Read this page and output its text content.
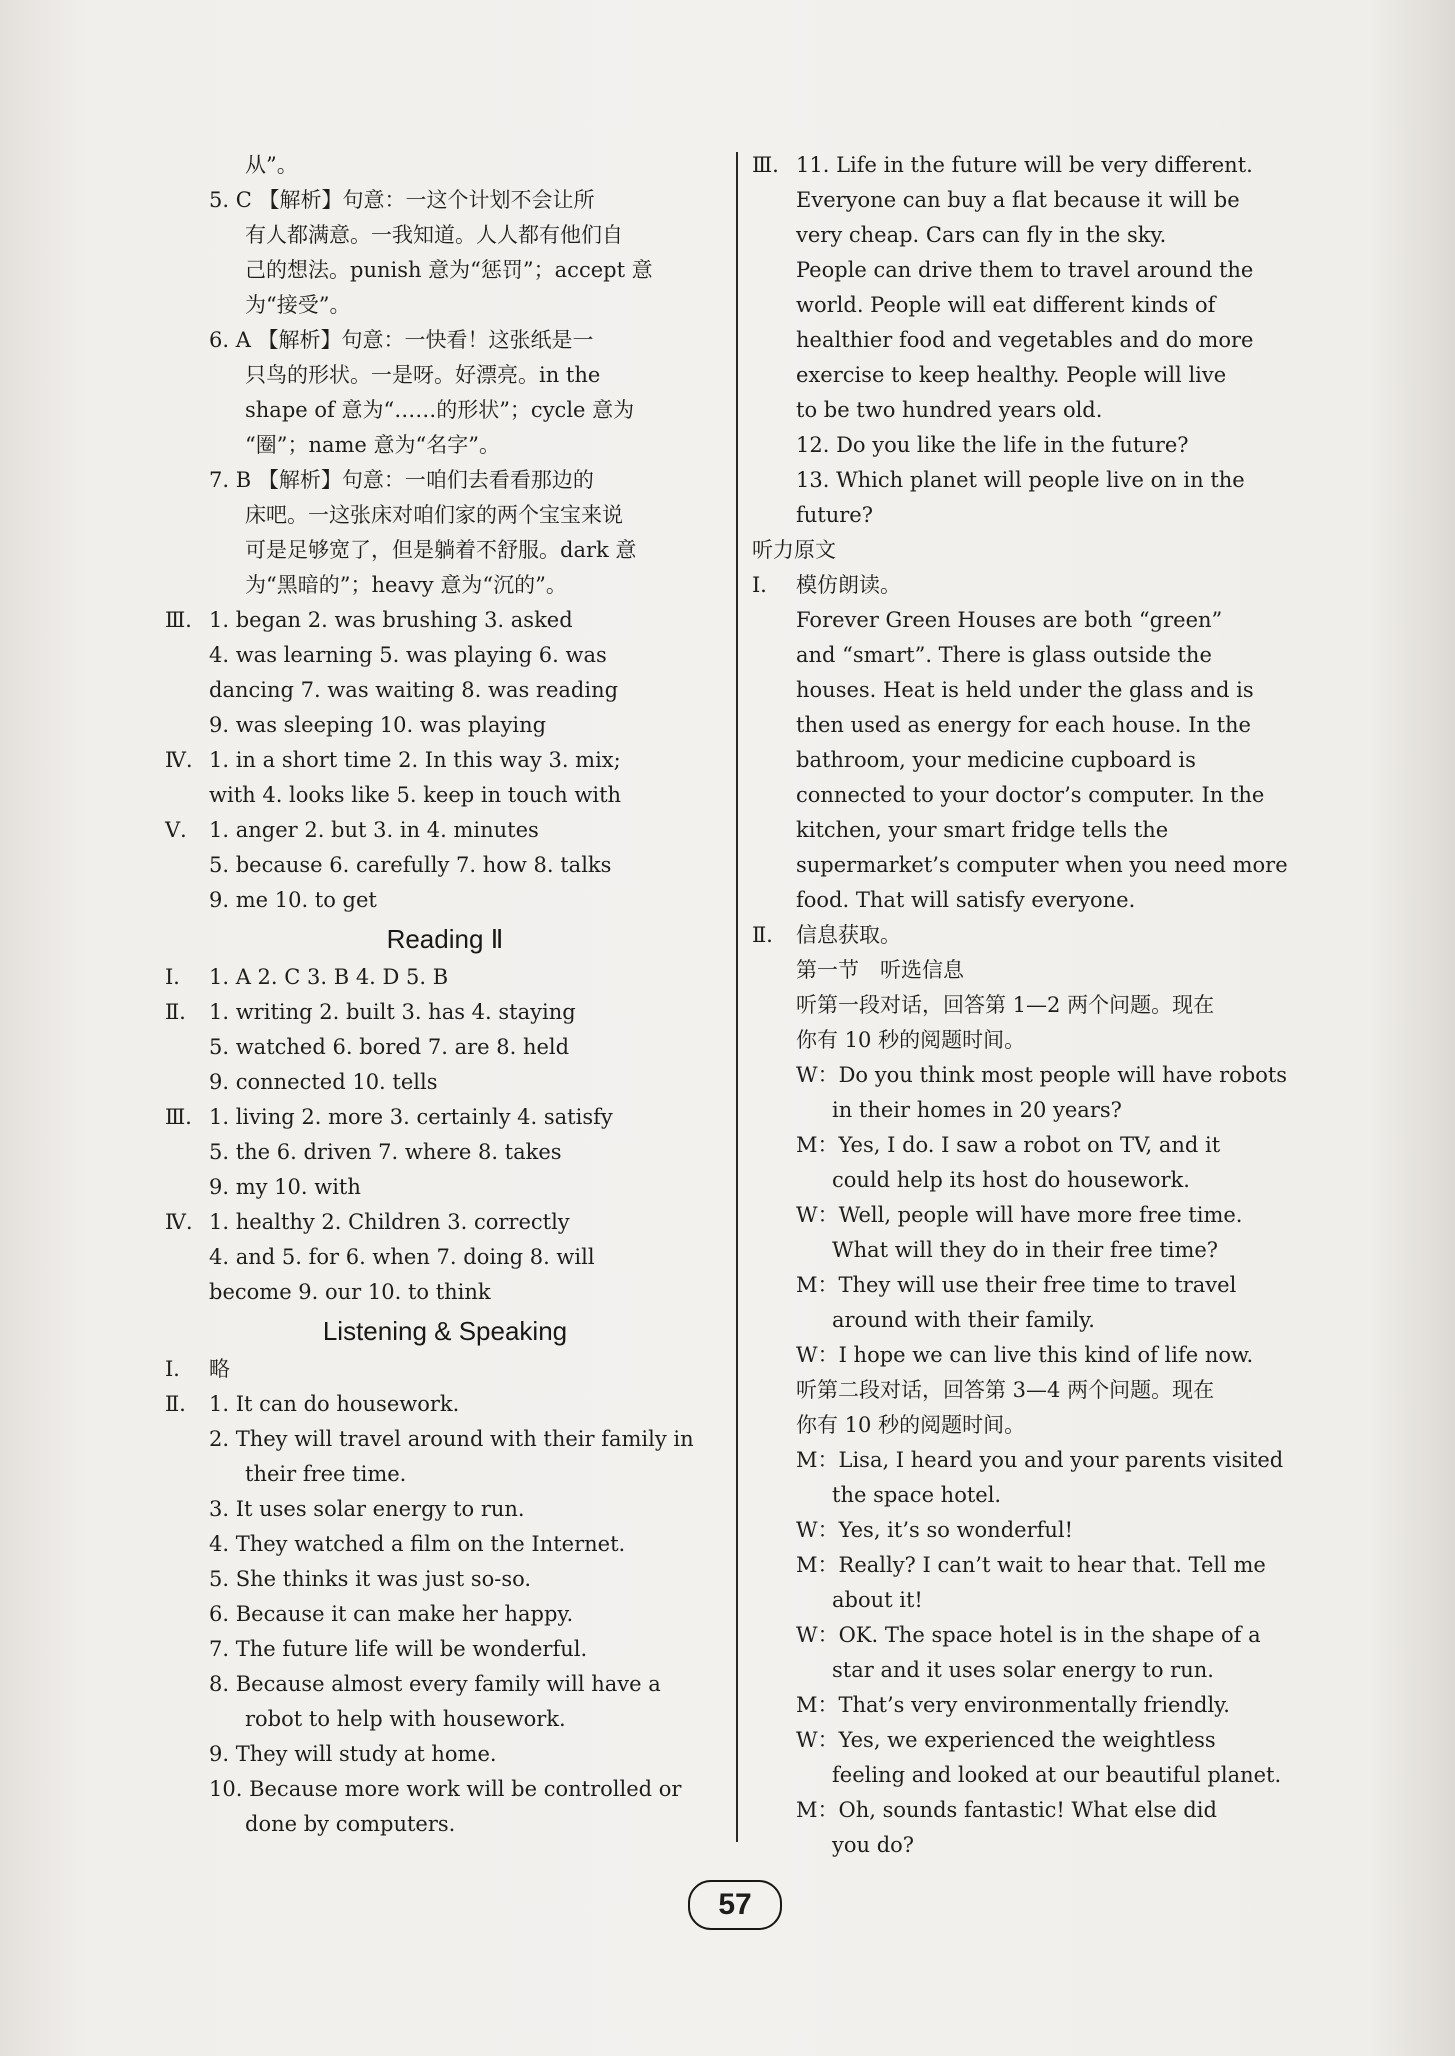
从”。
5. C 【解析】句意：一这个计划不会让所
有人都满意。一我知道。人人都有他们自
己的想法。punish 意为“惩罚”；accept 意
为“接受”。
6. A 【解析】句意：一快看！这张纸是一
只鸟的形状。一是呀。好漂亮。in the
shape of 意为“……的形状”；cycle 意为
“圈”；name 意为“名字”。
7. B 【解析】句意：一咱们去看看那边的
床吧。一这张床对咱们家的两个宝宝来说
可是足够宽了，但是躺着不舒服。dark 意
为“黑暗的”；heavy 意为“沉的”。
Ⅲ． 1. began 2. was brushing 3. asked
4. was learning 5. was playing 6. was
dancing 7. was waiting 8. was reading
9. was sleeping 10. was playing
Ⅳ． 1. in a short time 2. In this way 3. mix;
with 4. looks like 5. keep in touch with
Ⅴ． 1. anger 2. but 3. in 4. minutes
5. because 6. carefully 7. how 8. talks
9. me 10. to get
Reading Ⅱ
Ⅰ． 1. A 2. C 3. B 4. D 5. B
Ⅱ． 1. writing 2. built 3. has 4. staying
5. watched 6. bored 7. are 8. held
9. connected 10. tells
Ⅲ． 1. living 2. more 3. certainly 4. satisfy
5. the 6. driven 7. where 8. takes
9. my 10. with
Ⅳ． 1. healthy 2. Children 3. correctly
4. and 5. for 6. when 7. doing 8. will
become 9. our 10. to think
Listening & Speaking
Ⅰ． 略
Ⅱ． 1. It can do housework.
2. They will travel around with their family in
their free time.
3. It uses solar energy to run.
4. They watched a film on the Internet.
5. She thinks it was just so-so.
6. Because it can make her happy.
7. The future life will be wonderful.
8. Because almost every family will have a
robot to help with housework.
9. They will study at home.
10. Because more work will be controlled or
done by computers.
Ⅲ． 11. Life in the future will be very different.
Everyone can buy a flat because it will be
very cheap. Cars can fly in the sky.
People can drive them to travel around the
world. People will eat different kinds of
healthier food and vegetables and do more
exercise to keep healthy. People will live
to be two hundred years old.
12. Do you like the life in the future?
13. Which planet will people live on in the
future?
听力原文
Ⅰ． 模仿朗读。
Forever Green Houses are both “green”
and “smart”. There is glass outside the
houses. Heat is held under the glass and is
then used as energy for each house. In the
bathroom, your medicine cupboard is
connected to your doctor’s computer. In the
kitchen, your smart fridge tells the
supermarket’s computer when you need more
food. That will satisfy everyone.
Ⅱ． 信息获取。
第一节　听选信息
听第一段对话，回答第 1—2 两个问题。现在
你有 10 秒的阅题时间。
W：Do you think most people will have robots
in their homes in 20 years?
M：Yes, I do. I saw a robot on TV, and it
could help its host do housework.
W：Well, people will have more free time.
What will they do in their free time?
M：They will use their free time to travel
around with their family.
W：I hope we can live this kind of life now.
听第二段对话，回答第 3—4 两个问题。现在
你有 10 秒的阅题时间。
M：Lisa, I heard you and your parents visited
the space hotel.
W：Yes, it’s so wonderful!
M：Really? I can’t wait to hear that. Tell me
about it!
W：OK. The space hotel is in the shape of a
star and it uses solar energy to run.
M：That’s very environmentally friendly.
W：Yes, we experienced the weightless
feeling and looked at our beautiful planet.
M：Oh, sounds fantastic! What else did
you do?
57
